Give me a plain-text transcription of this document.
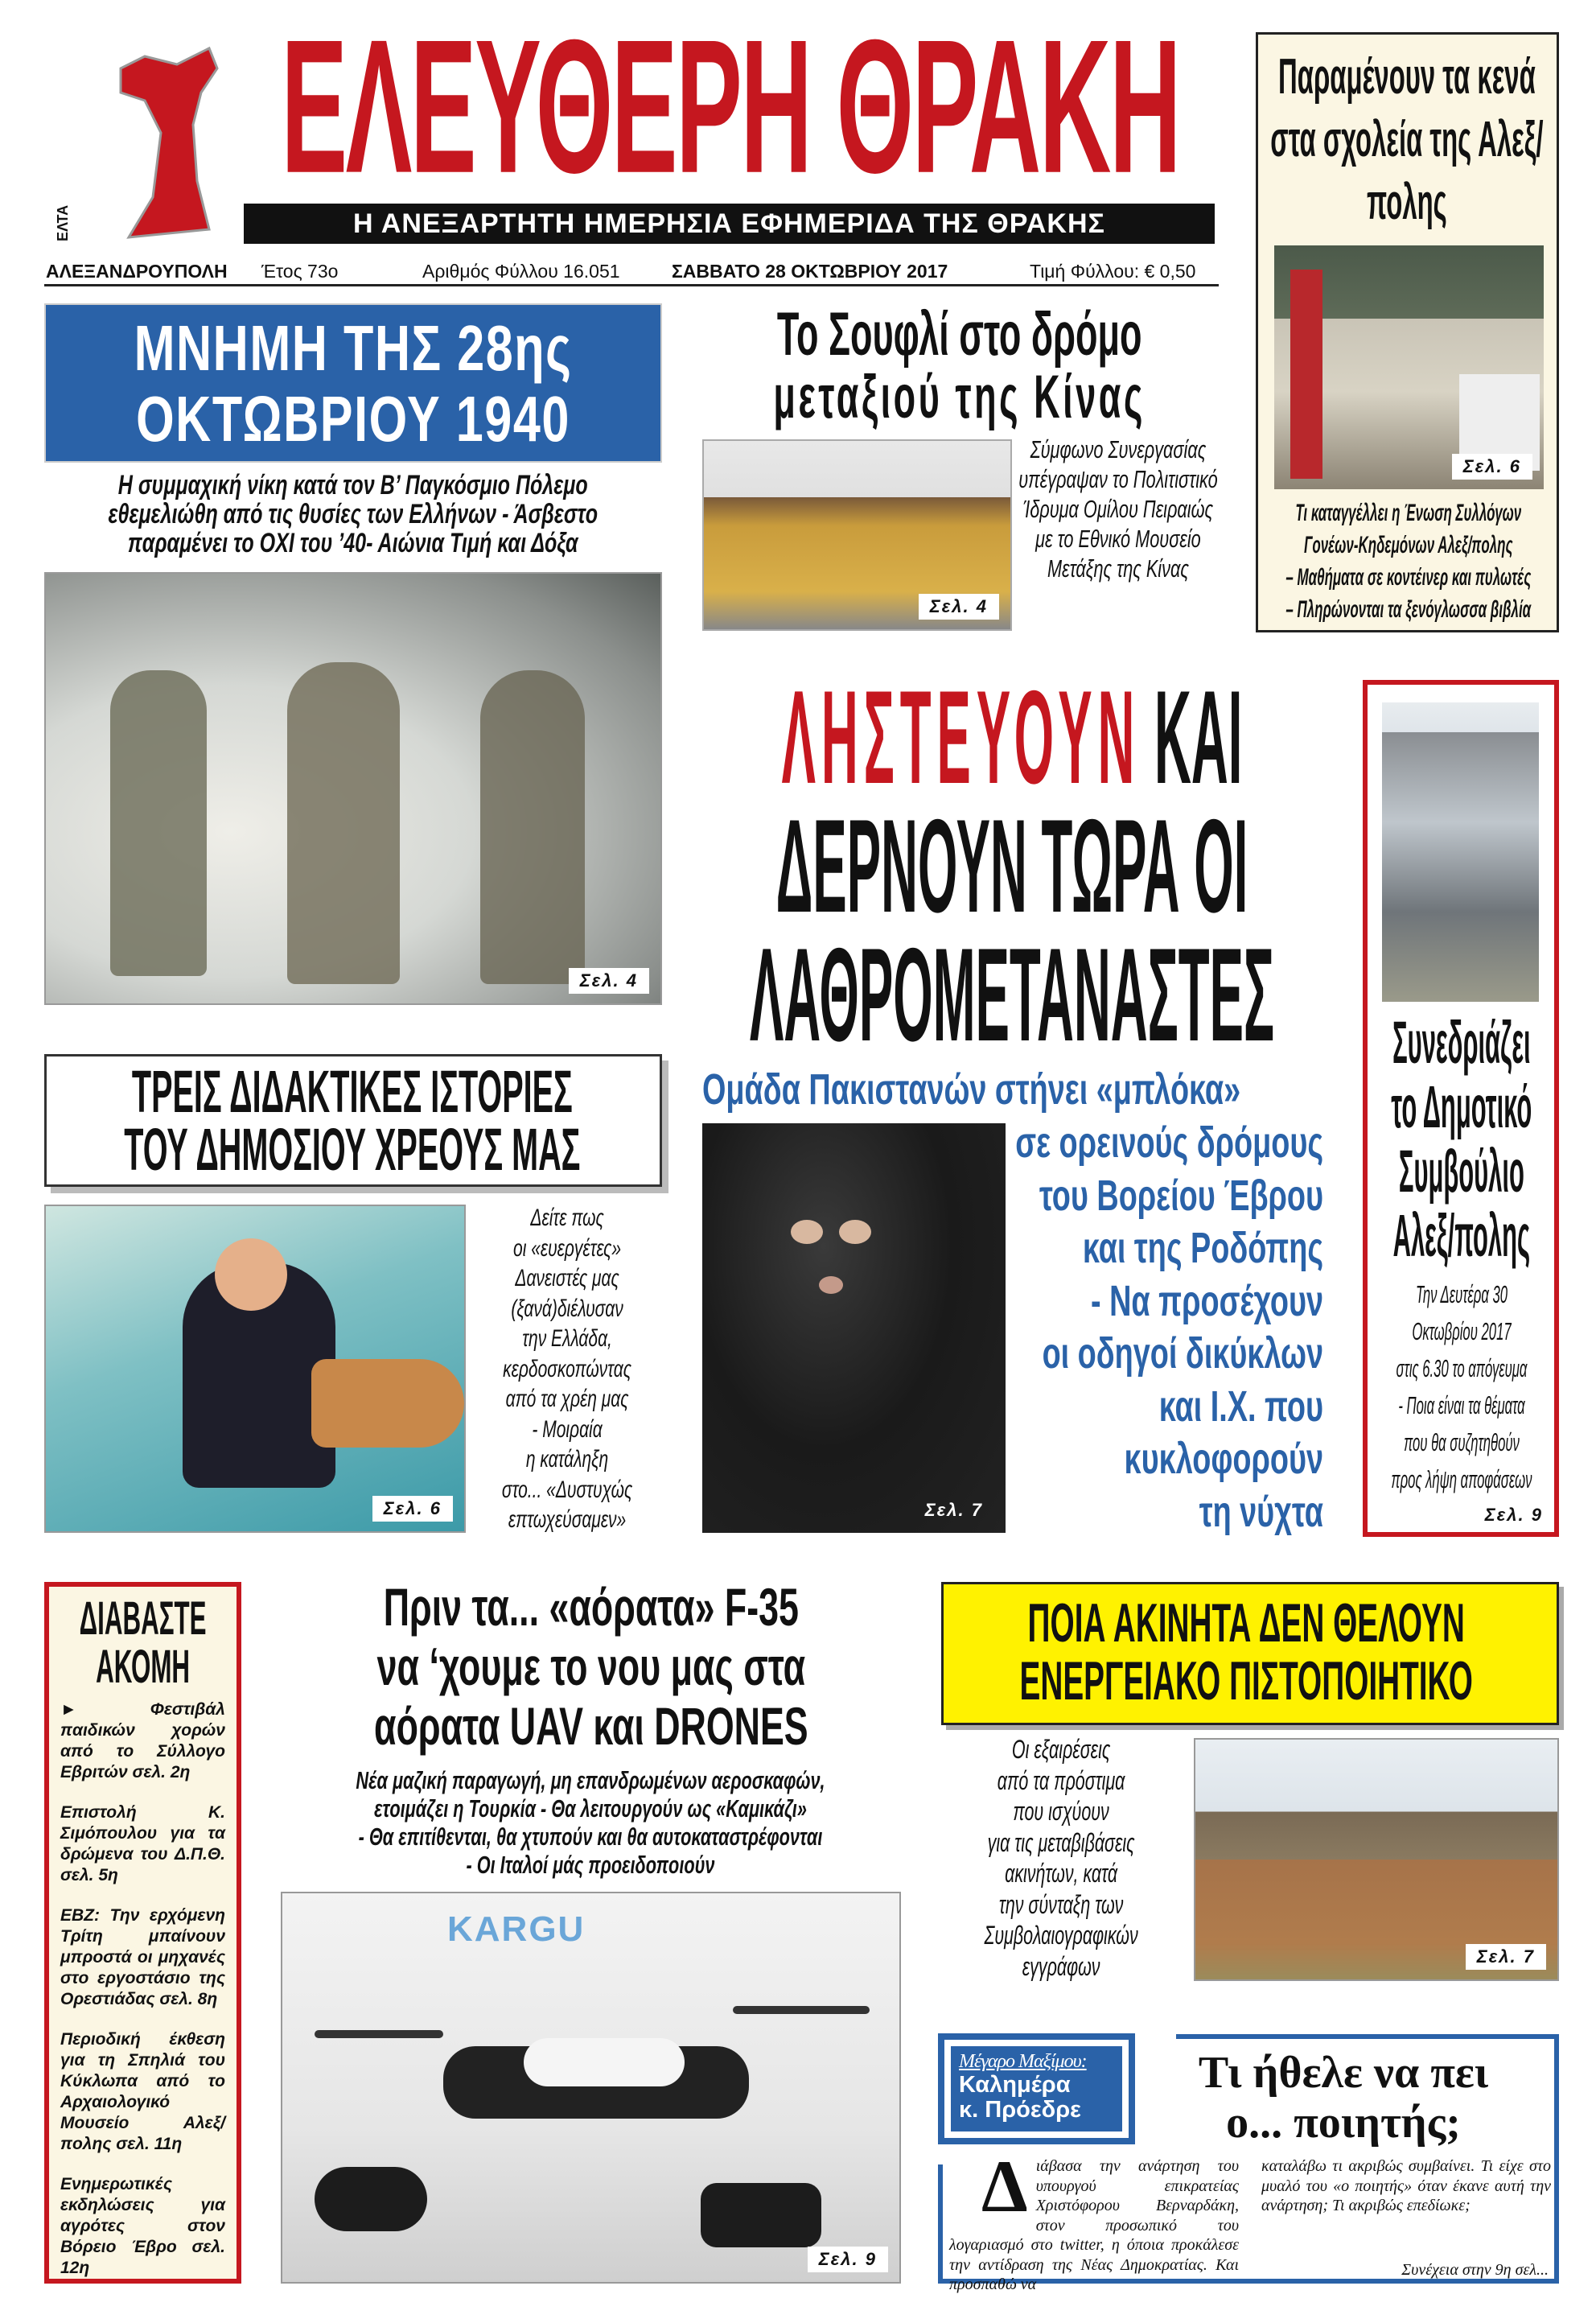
ΕΛΤΑ
ΕΛΕΥΘΕΡΗ ΘΡΑΚΗ
Η ΑΝΕΞΑΡΤΗΤΗ ΗΜΕΡΗΣΙΑ ΕΦΗΜΕΡΙΔΑ ΤΗΣ ΘΡΑΚΗΣ
ΑΛΕΞΑΝΔΡΟΥΠΟΛΗ Έτος 73ο	Αριθμός Φύλλου 16.051	ΣΑΒΒΑΤΟ 28 ΟΚΤΩΒΡΙΟΥ 2017	Τιμή Φύλλου: € 0,50
Παραμένουν τα κενά στα σχολεία της Αλεξ/πολης
Σελ. 6
Τι καταγγέλλει η Ένωση Συλλόγων
Γονέων-Κηδεμόνων Αλεξ/πολης
– Μαθήματα σε κοντέινερ και πυλωτές
– Πληρώνονται τα ξενόγλωσσα βιβλία
ΜΝΗΜΗ ΤΗΣ 28ης
ΟΚΤΩΒΡΙΟΥ 1940
Η συμμαχική νίκη κατά τον Β’ Παγκόσμιο Πόλεμο εθεμελιώθη από τις θυσίες των Ελλήνων - Άσβεστο παραμένει το ΟΧΙ του ’40- Αιώνια Τιμή και Δόξα
Σελ. 4
Το Σουφλί στο δρόμο
μεταξιού της Κίνας
Σελ. 4
Σύμφωνο Συνεργασίας υπέγραψαν το Πολιτιστικό Ίδρυμα Ομίλου Πειραιώς με το Εθνικό Μουσείο Μετάξης της Κίνας
ΛΗΣΤΕΥΟΥΝ ΚΑΙ
ΔΕΡΝΟΥΝ ΤΩΡΑ ΟΙ
ΛΑΘΡΟΜΕΤΑΝΑΣΤΕΣ
Ομάδα Πακιστανών στήνει «μπλόκα»
Σελ. 7
σε ορεινούς δρόμους
του Βορείου Έβρου
και της Ροδόπης
- Να προσέχουν
οι οδηγοί δικύκλων
και Ι.Χ. που
κυκλοφορούν
τη νύχτα
Συνεδριάζει
το Δημοτικό
Συμβούλιο
Αλεξ/πολης
Την Δευτέρα 30
Οκτωβρίου 2017
στις 6.30 το απόγευμα
- Ποια είναι τα θέματα
που θα συζητηθούν
προς λήψη αποφάσεων
Σελ. 9
ΤΡΕΙΣ ΔΙΔΑΚΤΙΚΕΣ ΙΣΤΟΡΙΕΣ
ΤΟΥ ΔΗΜΟΣΙΟΥ ΧΡΕΟΥΣ ΜΑΣ
Σελ. 6
Δείτε πως
οι «ευεργέτες»
Δανειστές μας
(ξανά)διέλυσαν
την Ελλάδα,
κερδοσκοπώντας
από τα χρέη μας
- Μοιραία
η κατάληξη
στο... «Δυστυχώς
επτωχεύσαμεν»
ΔΙΑΒΑΣΤΕ
ΑΚΟΜΗ

► Φεστιβάλ παιδικών χορών από το Σύλλογο Εβριτών σελ. 2η

Επιστολή Κ. Σιμόπουλου για τα δρώμενα του Δ.Π.Θ. σελ. 5η

ΕΒΖ: Την ερχόμενη Τρίτη μπαίνουν μπροστά οι μηχανές στο εργοστάσιο της Ορεστιάδας σελ. 8η

Περιοδική έκθεση για τη Σπηλιά του Κύκλωπα από το Αρχαιολογικό Μουσείο Αλεξ/πολης σελ. 11η

Ενημερωτικές εκδηλώσεις για αγρότες στον Βόρειο Έβρο σελ. 12η

Πριν τα... «αόρατα» F-35
να ‘χουμε το νου μας στα
αόρατα UAV και DRONES
Νέα μαζική παραγωγή, μη επανδρωμένων αεροσκαφών,
ετοιμάζει η Τουρκία - Θα λειτουργούν ως «Καμικάζι»
- Θα επιτίθενται, θα χτυπούν και θα αυτοκαταστρέφονται
- Οι Ιταλοί μάς προειδοποιούν
KARGU
Σελ. 9
ΠΟΙΑ ΑΚΙΝΗΤΑ ΔΕΝ ΘΕΛΟΥΝ
ΕΝΕΡΓΕΙΑΚΟ ΠΙΣΤΟΠΟΙΗΤΙΚΟ
Οι εξαιρέσεις
από τα πρόστιμα
που ισχύουν
για τις μεταβιβάσεις
ακινήτων, κατά
την σύνταξη των
Συμβολαιογραφικών
εγγράφων	Σελ. 7
Μέγαρο Μαξίμου:
Καλημέρα
κ. Πρόεδρε
Τι ήθελε να πει
ο... ποιητής;
Διάβασα την ανάρτηση του υπουργού επικρατείας Χριστόφορου Βερναρδάκη, στον προσωπικό του λογαριασμό στο twitter, η όποια προκάλεσε την αντίδραση της Νέας Δημοκρατίας. Και προσπαθώ να
καταλάβω τι ακριβώς συμβαίνει. Τι είχε στο μυαλό του «ο ποιητής» όταν έκανε αυτή την ανάρτηση; Τι ακριβώς επεδίωκε;
Συνέχεια στην 9η σελ...
